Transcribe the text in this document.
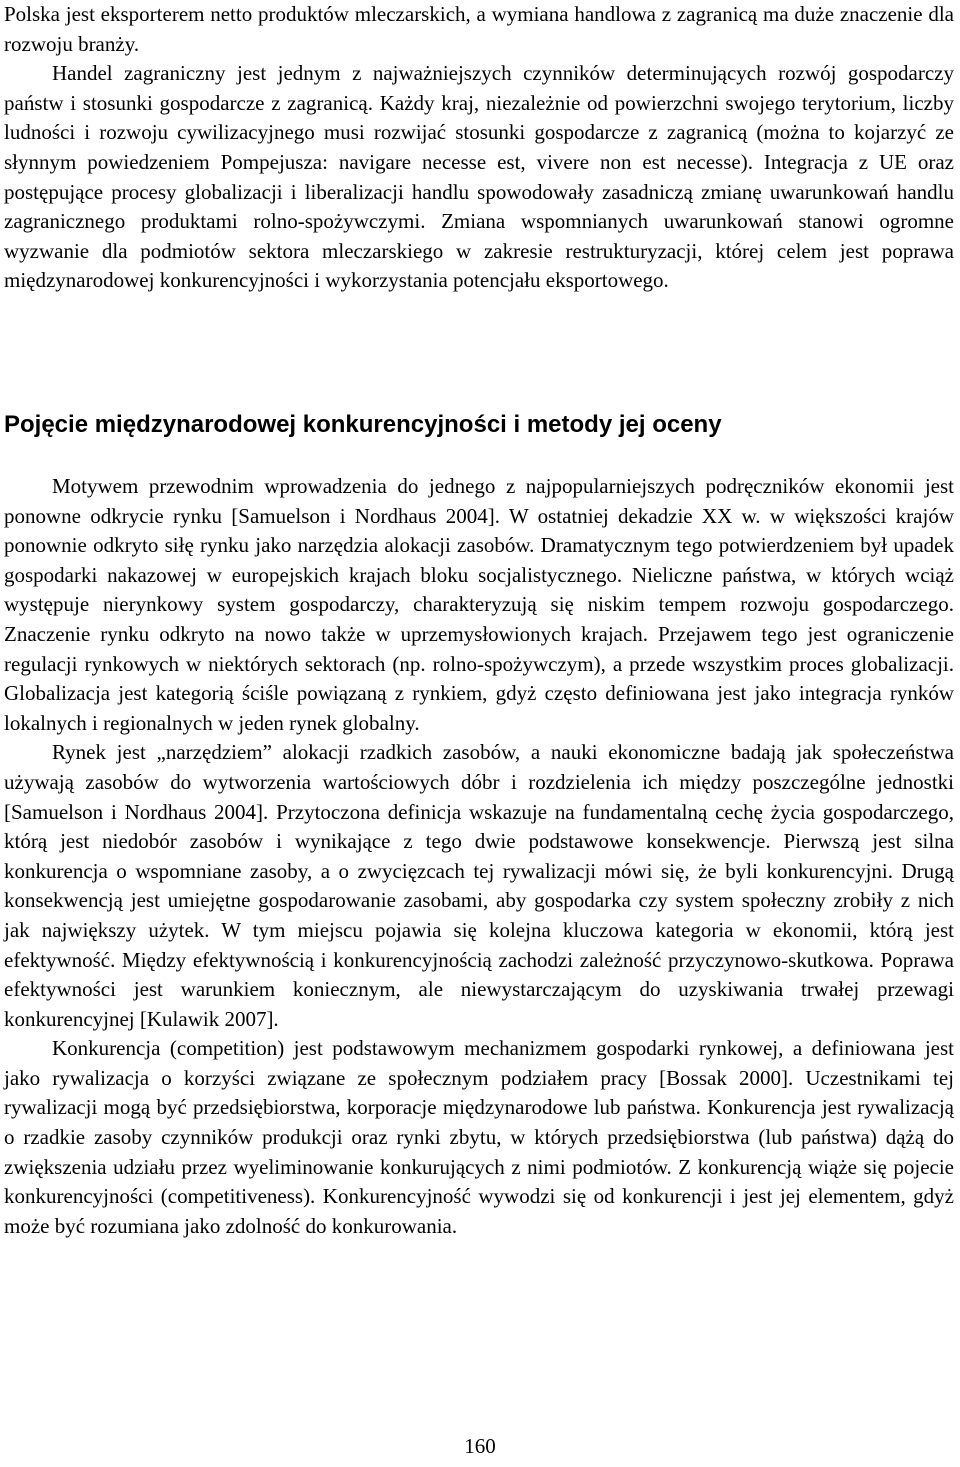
Polska jest eksporterem netto produktów mleczarskich, a wymiana handlowa z zagranicą ma duże znaczenie dla rozwoju branży.

Handel zagraniczny jest jednym z najważniejszych czynników determinujących rozwój gospodarczy państw i stosunki gospodarcze z zagranicą. Każdy kraj, niezależnie od powierzchni swojego terytorium, liczby ludności i rozwoju cywilizacyjnego musi rozwijać stosunki gospodarcze z zagranicą (można to kojarzyć ze słynnym powiedzeniem Pompejusza: navigare necesse est, vivere non est necesse). Integracja z UE oraz postępujące procesy globalizacji i liberalizacji handlu spowodowały zasadniczą zmianę uwarunkowań handlu zagranicznego produktami rolno-spożywczymi. Zmiana wspomnianych uwarunkowań stanowi ogromne wyzwanie dla podmiotów sektora mleczarskiego w zakresie restrukturyzacji, której celem jest poprawa międzynarodowej konkurencyjności i wykorzystania potencjału eksportowego.

Pojęcie międzynarodowej konkurencyjności i metody jej oceny

Motywem przewodnim wprowadzenia do jednego z najpopularniejszych podręczników ekonomii jest ponowne odkrycie rynku [Samuelson i Nordhaus 2004]. W ostatniej dekadzie XX w. w większości krajów ponownie odkryto siłę rynku jako narzędzia alokacji zasobów. Dramatycznym tego potwierdzeniem był upadek gospodarki nakazowej w europejskich krajach bloku socjalistycznego. Nieliczne państwa, w których wciąż występuje nierynkowy system gospodarczy, charakteryzują się niskim tempem rozwoju gospodarczego. Znaczenie rynku odkryto na nowo także w uprzemysłowionych krajach. Przejawem tego jest ograniczenie regulacji rynkowych w niektórych sektorach (np. rolno-spożywczym), a przede wszystkim proces globalizacji. Globalizacja jest kategorią ściśle powiązaną z rynkiem, gdyż często definiowana jest jako integracja rynków lokalnych i regionalnych w jeden rynek globalny.

Rynek jest „narzędziem” alokacji rzadkich zasobów, a nauki ekonomiczne badają jak społeczeństwa używają zasobów do wytworzenia wartościowych dóbr i rozdzielenia ich między poszczególne jednostki [Samuelson i Nordhaus 2004]. Przytoczona definicja wskazuje na fundamentalną cechę życia gospodarczego, którą jest niedobór zasobów i wynikające z tego dwie podstawowe konsekwencje. Pierwszą jest silna konkurencja o wspomniane zasoby, a o zwycięzcach tej rywalizacji mówi się, że byli konkurencyjni. Drugą konsekwencją jest umiejętne gospodarowanie zasobami, aby gospodarka czy system społeczny zrobiły z nich jak największy użytek. W tym miejscu pojawia się kolejna kluczowa kategoria w ekonomii, którą jest efektywność. Między efektywnością i konkurencyjnością zachodzi zależność przyczynowo-skutkowa. Poprawa efektywności jest warunkiem koniecznym, ale niewystarczającym do uzyskiwania trwałej przewagi konkurencyjnej [Kulawik 2007].

Konkurencja (competition) jest podstawowym mechanizmem gospodarki rynkowej, a definiowana jest jako rywalizacja o korzyści związane ze społecznym podziałem pracy [Bossak 2000]. Uczestnikami tej rywalizacji mogą być przedsiębiorstwa, korporacje międzynarodowe lub państwa. Konkurencja jest rywalizacją o rzadkie zasoby czynników produkcji oraz rynki zbytu, w których przedsiębiorstwa (lub państwa) dążą do zwiększenia udziału przez wyeliminowanie konkurujących z nimi podmiotów. Z konkurencją wiąże się pojecie konkurencyjności (competitiveness). Konkurencyjność wywodzi się od konkurencji i jest jej elementem, gdyż może być rozumiana jako zdolność do konkurowania.

160
